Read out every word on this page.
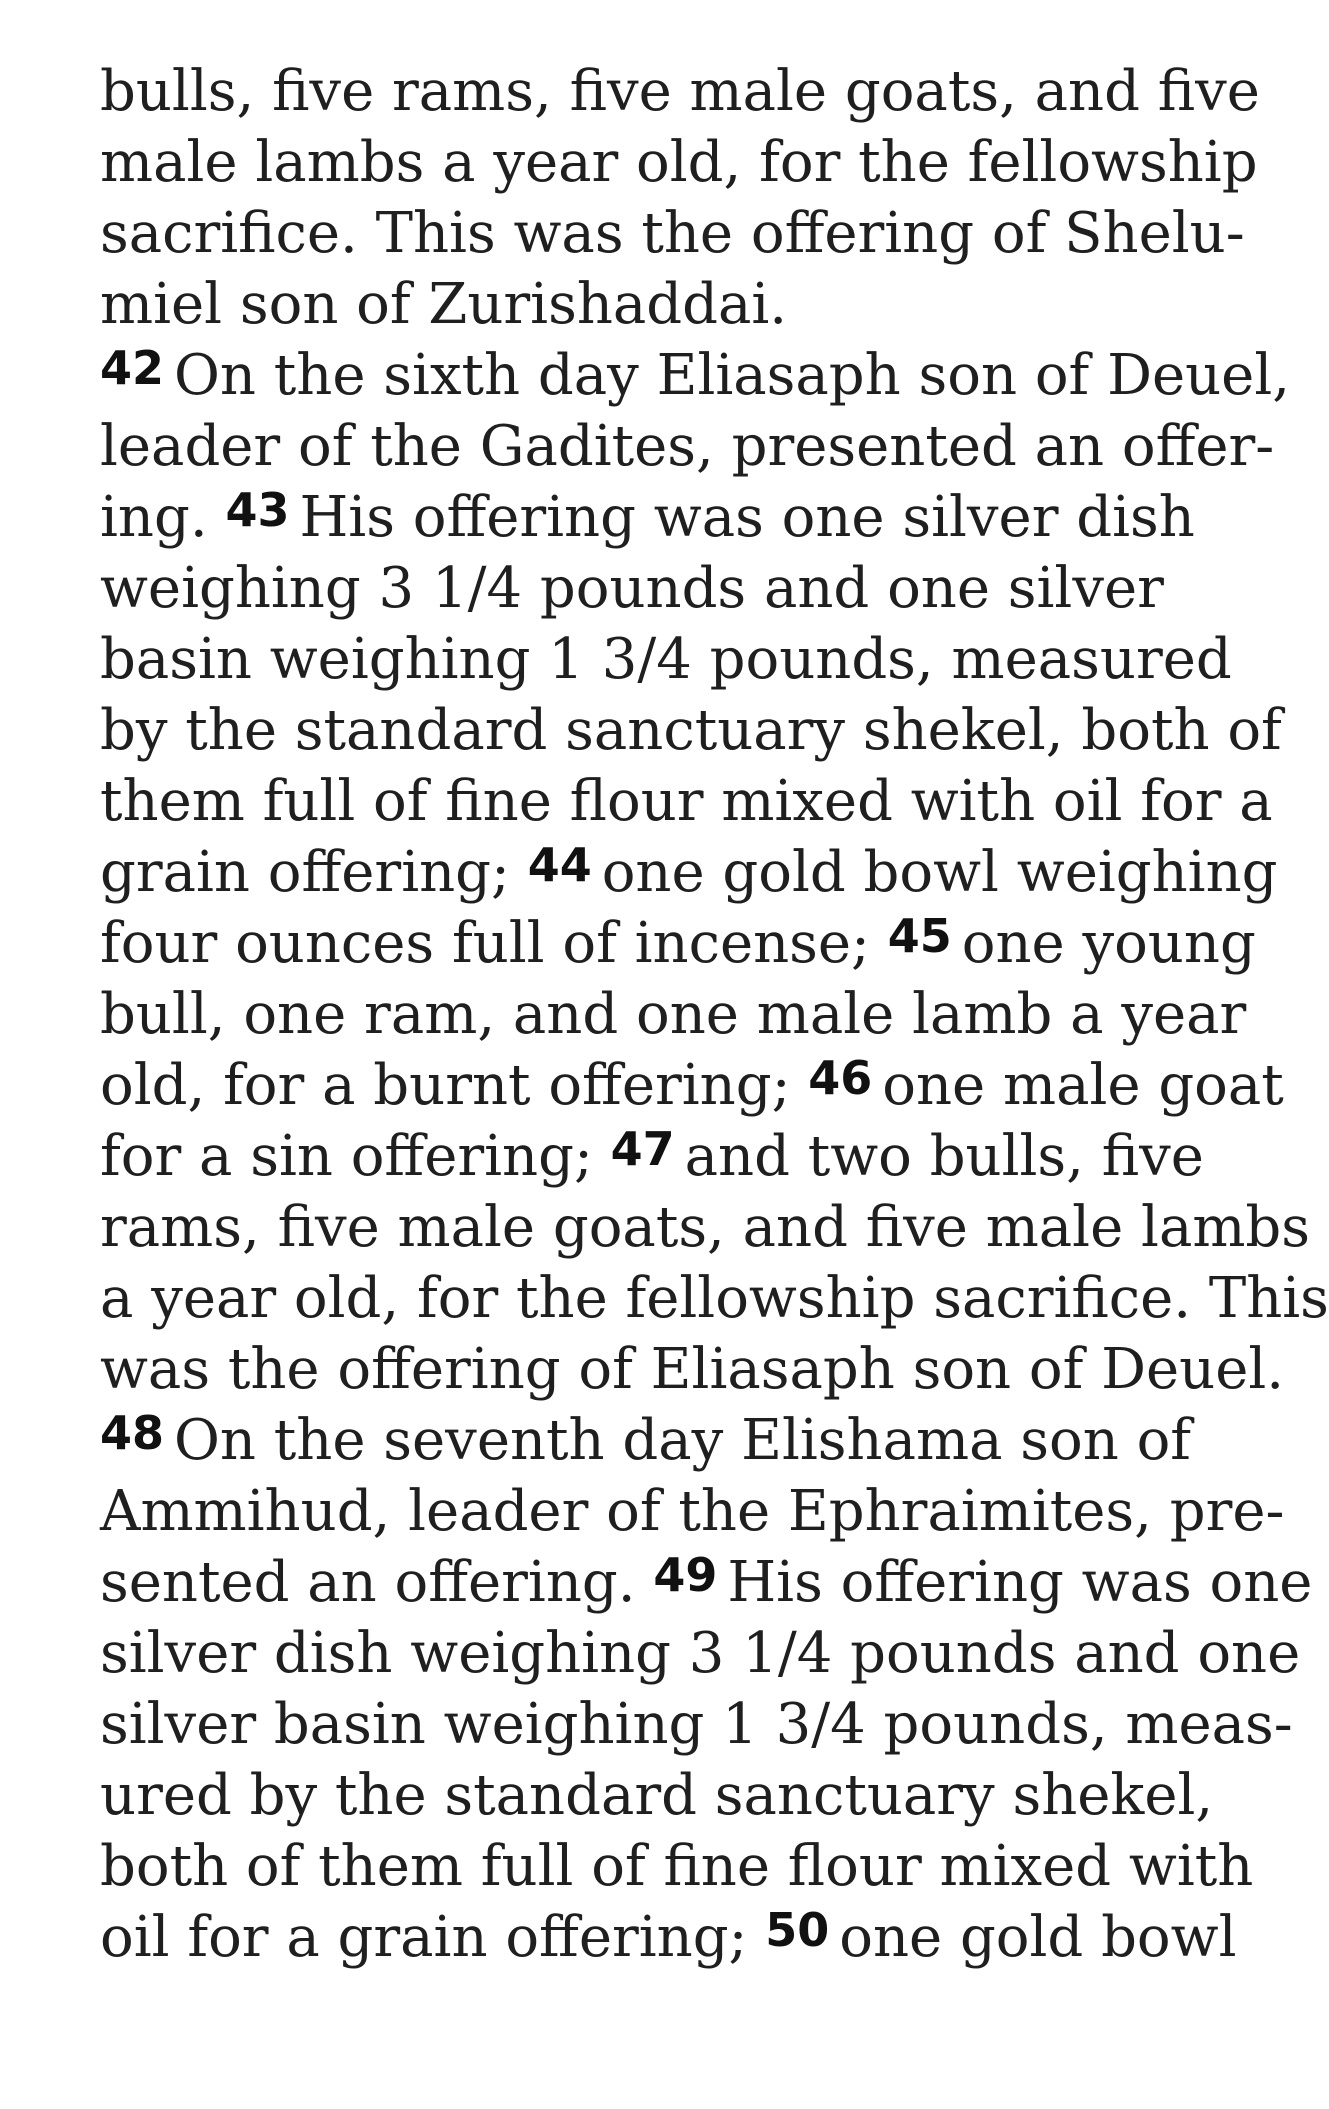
bulls, five rams, five male goats, and five
male lambs a year old, for the fellowship
sacrifice. This was the offering of Shelu-
miel son of Zurishaddai.
42 On the sixth day Eliasaph son of Deuel,
leader of the Gadites, presented an offer-
ing. 43 His offering was one silver dish
weighing 3 1/4 pounds and one silver
basin weighing 1 3/4 pounds, measured
by the standard sanctuary shekel, both of
them full of fine flour mixed with oil for a
grain offering; 44 one gold bowl weighing
four ounces full of incense; 45 one young
bull, one ram, and one male lamb a year
old, for a burnt offering; 46 one male goat
for a sin offering; 47 and two bulls, five
rams, five male goats, and five male lambs
a year old, for the fellowship sacrifice. This
was the offering of Eliasaph son of Deuel.
48 On the seventh day Elishama son of
Ammihud, leader of the Ephraimites, pre-
sented an offering. 49 His offering was one
silver dish weighing 3 1/4 pounds and one
silver basin weighing 1 3/4 pounds, meas-
ured by the standard sanctuary shekel,
both of them full of fine flour mixed with
oil for a grain offering; 50 one gold bowl
